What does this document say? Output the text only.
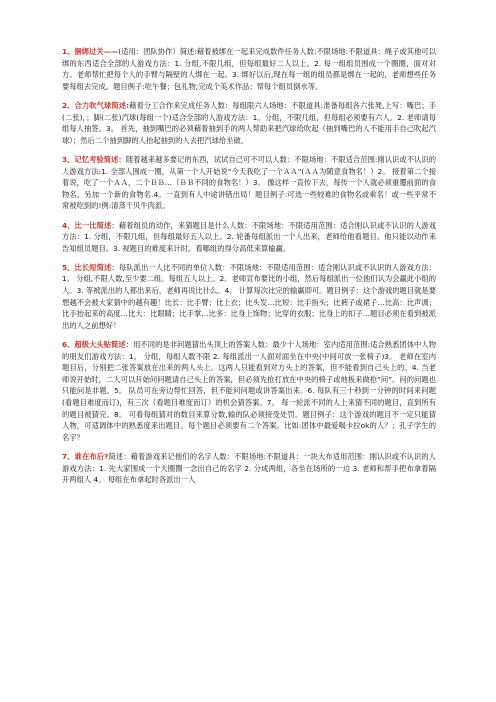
1、捆绑过关——(适用：团队协作）简述:藉着被绑在一起来完成数件任务人数:不限场地:不限道具：绳子或其他可以绑的东西适合全部的人游戏方法：1. 分组,不限几组，但每组最好二人以上。2. 每一组组员围成一个圈圈，面对对方。老师帮忙把每个人的手臂与隔壁的人绑在一起。3. 绑好以后,现在每一组的组员都是绑在一起的，老师想些任务要每组去完成。题目例子:吃午餐；包礼物;完成个美术作品；帮每个组员倒水等。

2、合力吹气球简述:藉着分工合作来完成任务人数：每组限六人场地：不限道具:准备每组各六张凳,上写：嘴巴；手(二张)，；脚(二张)汽球(每组一个)适合全部的人游戏方法：1。分组，不限几组，但每组必须要有六人。2. 老师请每组每人抽签。3。 首先，抽到嘴巴的必须藉着抽到手的两人帮助来把汽球给吹起（抽到嘴巴的人不能用手自己吹起汽球）；然后二个抽到脚的人抬起抽到的人去把汽球给坐破。

3、记忆考验简述：随着越来越多要记的东西，试试自己可不可以人数：不限场地：不限适合范围:刚认识或不认识的人游戏方法:1. 全部人围成一圈，从第一个人开始说“今天我吃了一个ＡＡ”(ＡＡ为随意食物名！）2。 接着第二个接着说，吃了一个ＡＡ，二个ＢＢ…（ＢＢ不同的食物名！）3。 像这样一直传下去，每传一个人就必须重覆前面的食物名，另加一个新的食物名.4。一直到有人中途讲错出局！题目例子:可选一些较难的食物名或乘名！或一些平常不常被吃到的!例:清蒸干贝牛肉派。

4、比一比简述：藉着组员的动作，来猜题目是什么人数：不限场地：不限适用范围：适合刚认识或不认识的人游戏方法：1. 分组，不限几组，但每组最好五人以上。2. 轮番每组派出一个人出来，老师给他看题目。他只能以动作来告知组员题目。3. 视题目的难度来计时。看哪组的得分高低来算输赢。

5、比长短简述：每队派出一人比不同的单位人数：不限场地：不限适用范围：适合刚认识或不认识的人游戏方法：1。 分组,不限人数,至少要二组。每组五人以上。2。老师宣布要比的小组，然后每组派出一位他们认为会赢此小组的人。3. 等被派出的人都出来后，老师再说比什么。4。 计算每次比完的输赢即可。题目例子：这个游戏的题目就是要想越不会被大家猜中的越有趣！比长：比手臂；比上衣；比头发…比短：比手指头；比裤子或裙子…比高：比声调；比手抬起来的高度…比大：比眼睛；比手掌…比多：比身上饰物；比穿的衣服；比身上的扣子…题目必须在看到被派出的人之前想好！

6、超级大头贴简述：用不同的是非问题猜出头顶上的答案人数：最少十人场地：室内适用范围:适合熟悉团体中人物的朋友们游戏方法：1。 分组，每组人数不限 2. 每组派出一人面对面坐在中央(中间可放一张椅子)3。 老师在室内题目后，分别把二张答案放在出来的两人头上。这两人只能看到对方头上的答案，但不能看到自己头上的。4. 当老师说开始时，二人可以开始问问题请自己头上的答案，但必须先抢打放在中央的椅子或地板来做抢“问”。问的问题也只能问是非题。5。 队员可在旁边帮忙回答，但不能问问题或讲答案出来。6. 每队有三十秒到一分钟的时间来问题(看题目难度而订)，有三次（看题目难度而订）的机会猜答案。7。 每一轮派不同的人上来猜不同的题目，直到所有的题目被猜完。8。 可看每组猜对的数目来算分数,输的队必须接受处罚。题目例子：这个游戏的题目不一定只能猜人物，可适调体中的熟悉度来出题目。每个题目必须要有二个答案。比如:团体中最爱喝卡拉ok的人？；孔子学生的名字？

7、谁在布后?简述：藉着游戏来记他们的名字人数：不限场地:不限道具：一块大布适用范围：刚认识或不认识的人游戏方法：1. 先大家围成一个大圈圈一念出自己的名字 2. 分成两组，各坐在场所的一边 3. 老师和帮手把布拿着隔开两组人 4。 每组在布拿起时各派出一人
